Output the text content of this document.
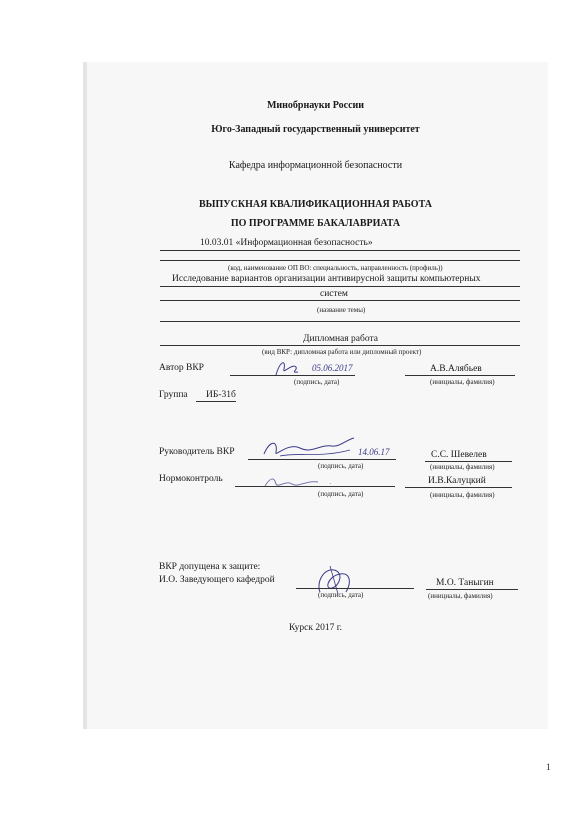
Минобрнауки России
Юго-Западный государственный университет
Кафедра информационной безопасности
ВЫПУСКНАЯ КВАЛИФИКАЦИОННАЯ РАБОТА
ПО ПРОГРАММЕ БАКАЛАВРИАТА
10.03.01 «Информационная безопасность»
(код, наименование ОП ВО: специальность, направленность (профиль))
Исследование вариантов организации антивирусной защиты компьютерных
систем
(название темы)
Дипломная работа
(вид ВКР: дипломная работа или дипломный проект)
Автор ВКР	05.06.2017	А.В.Алябьев
(подпись, дата)	(инициалы, фамилия)
Группа ИБ-31б
Руководитель ВКР	14.06.17	С.С. Шевелев
(подпись, дата)	(инициалы, фамилия)
Нормоконтроль	.	И.В.Калуцкий
(подпись, дата)	(инициалы, фамилия)
ВКР допущена к защите:
И.О. Заведующего кафедрой	М.О. Таныгин
(подпись, дата)	(инициалы, фамилия)
Курск 2017 г.
1
